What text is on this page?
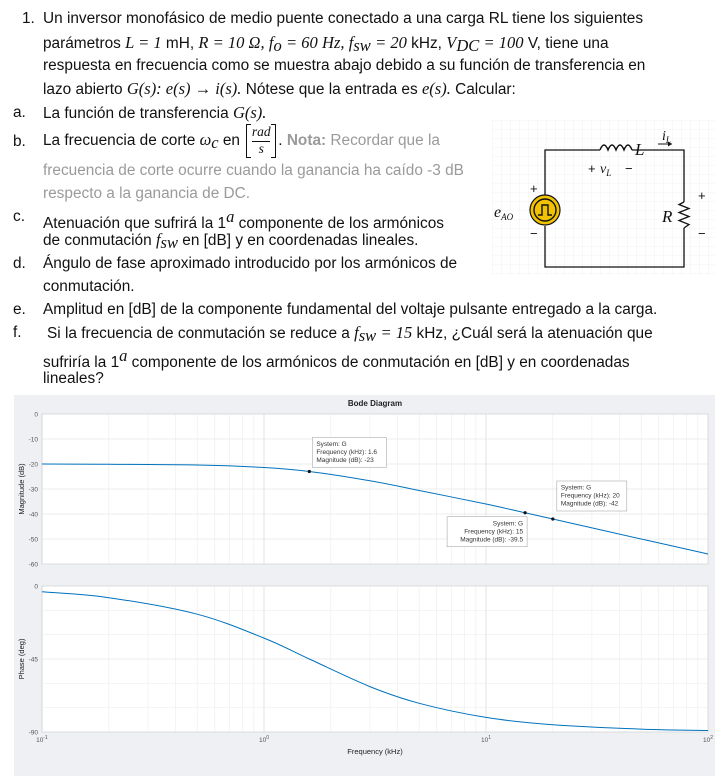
1. Un inversor monofásico de medio puente conectado a una carga RL tiene los siguientes
parámetros L = 1 mH, R = 10 Ω, $f_o = 60$ Hz, $f_{sw} = 20$ kHz, $V_{DC} = 100$ V, tiene una
respuesta en frecuencia como se muestra abajo debido a su función de transferencia en
lazo abierto G(s): e(s) → i(s). Nótese que la entrada es e(s). Calcular:
a. La función de transferencia G(s).
b. La frecuencia de corte $\omega_c$ en $\frac{\text{rad}}{s}$ . Nota: Recordar que la
frecuencia de corte ocurre cuando la ganancia ha caído -3 dB
respecto a la ganancia de DC.
c. Atenuación que sufrirá la 1$^a$ componente de los armónicos
de conmutación $f_{sw}$ en [dB] y en coordenadas lineales.
d. Ángulo de fase aproximado introducido por los armónicos de
conmutación.
e. Amplitud en [dB] de la componente fundamental del voltaje pulsante entregado a la carga.
f. Si la frecuencia de conmutación se reduce a $f_{sw} = 15$ kHz, ¿Cuál será la atenuación que
sufriría la 1$^a$ componente de los armónicos de conmutación en [dB] y en coordenadas
lineales?
eAO
+
−
L
$i_L$
+ $v_L$ −
R
+
−
0
-10
-20
-30
-40
-50
-60
0
-45
-90
$10^{-1}$	$10^0$	$10^1$	$10^2$
System: G
Frequency (kHz): 1.6
Magnitude (dB): -23
System: G
Frequency (kHz): 15
Magnitude (dB): -39.5
System: G
Frequency (kHz): 20
Magnitude (dB): -42
Bode Diagram
Frequency (kHz)
Magnitude (dB)
Phase (deg)
